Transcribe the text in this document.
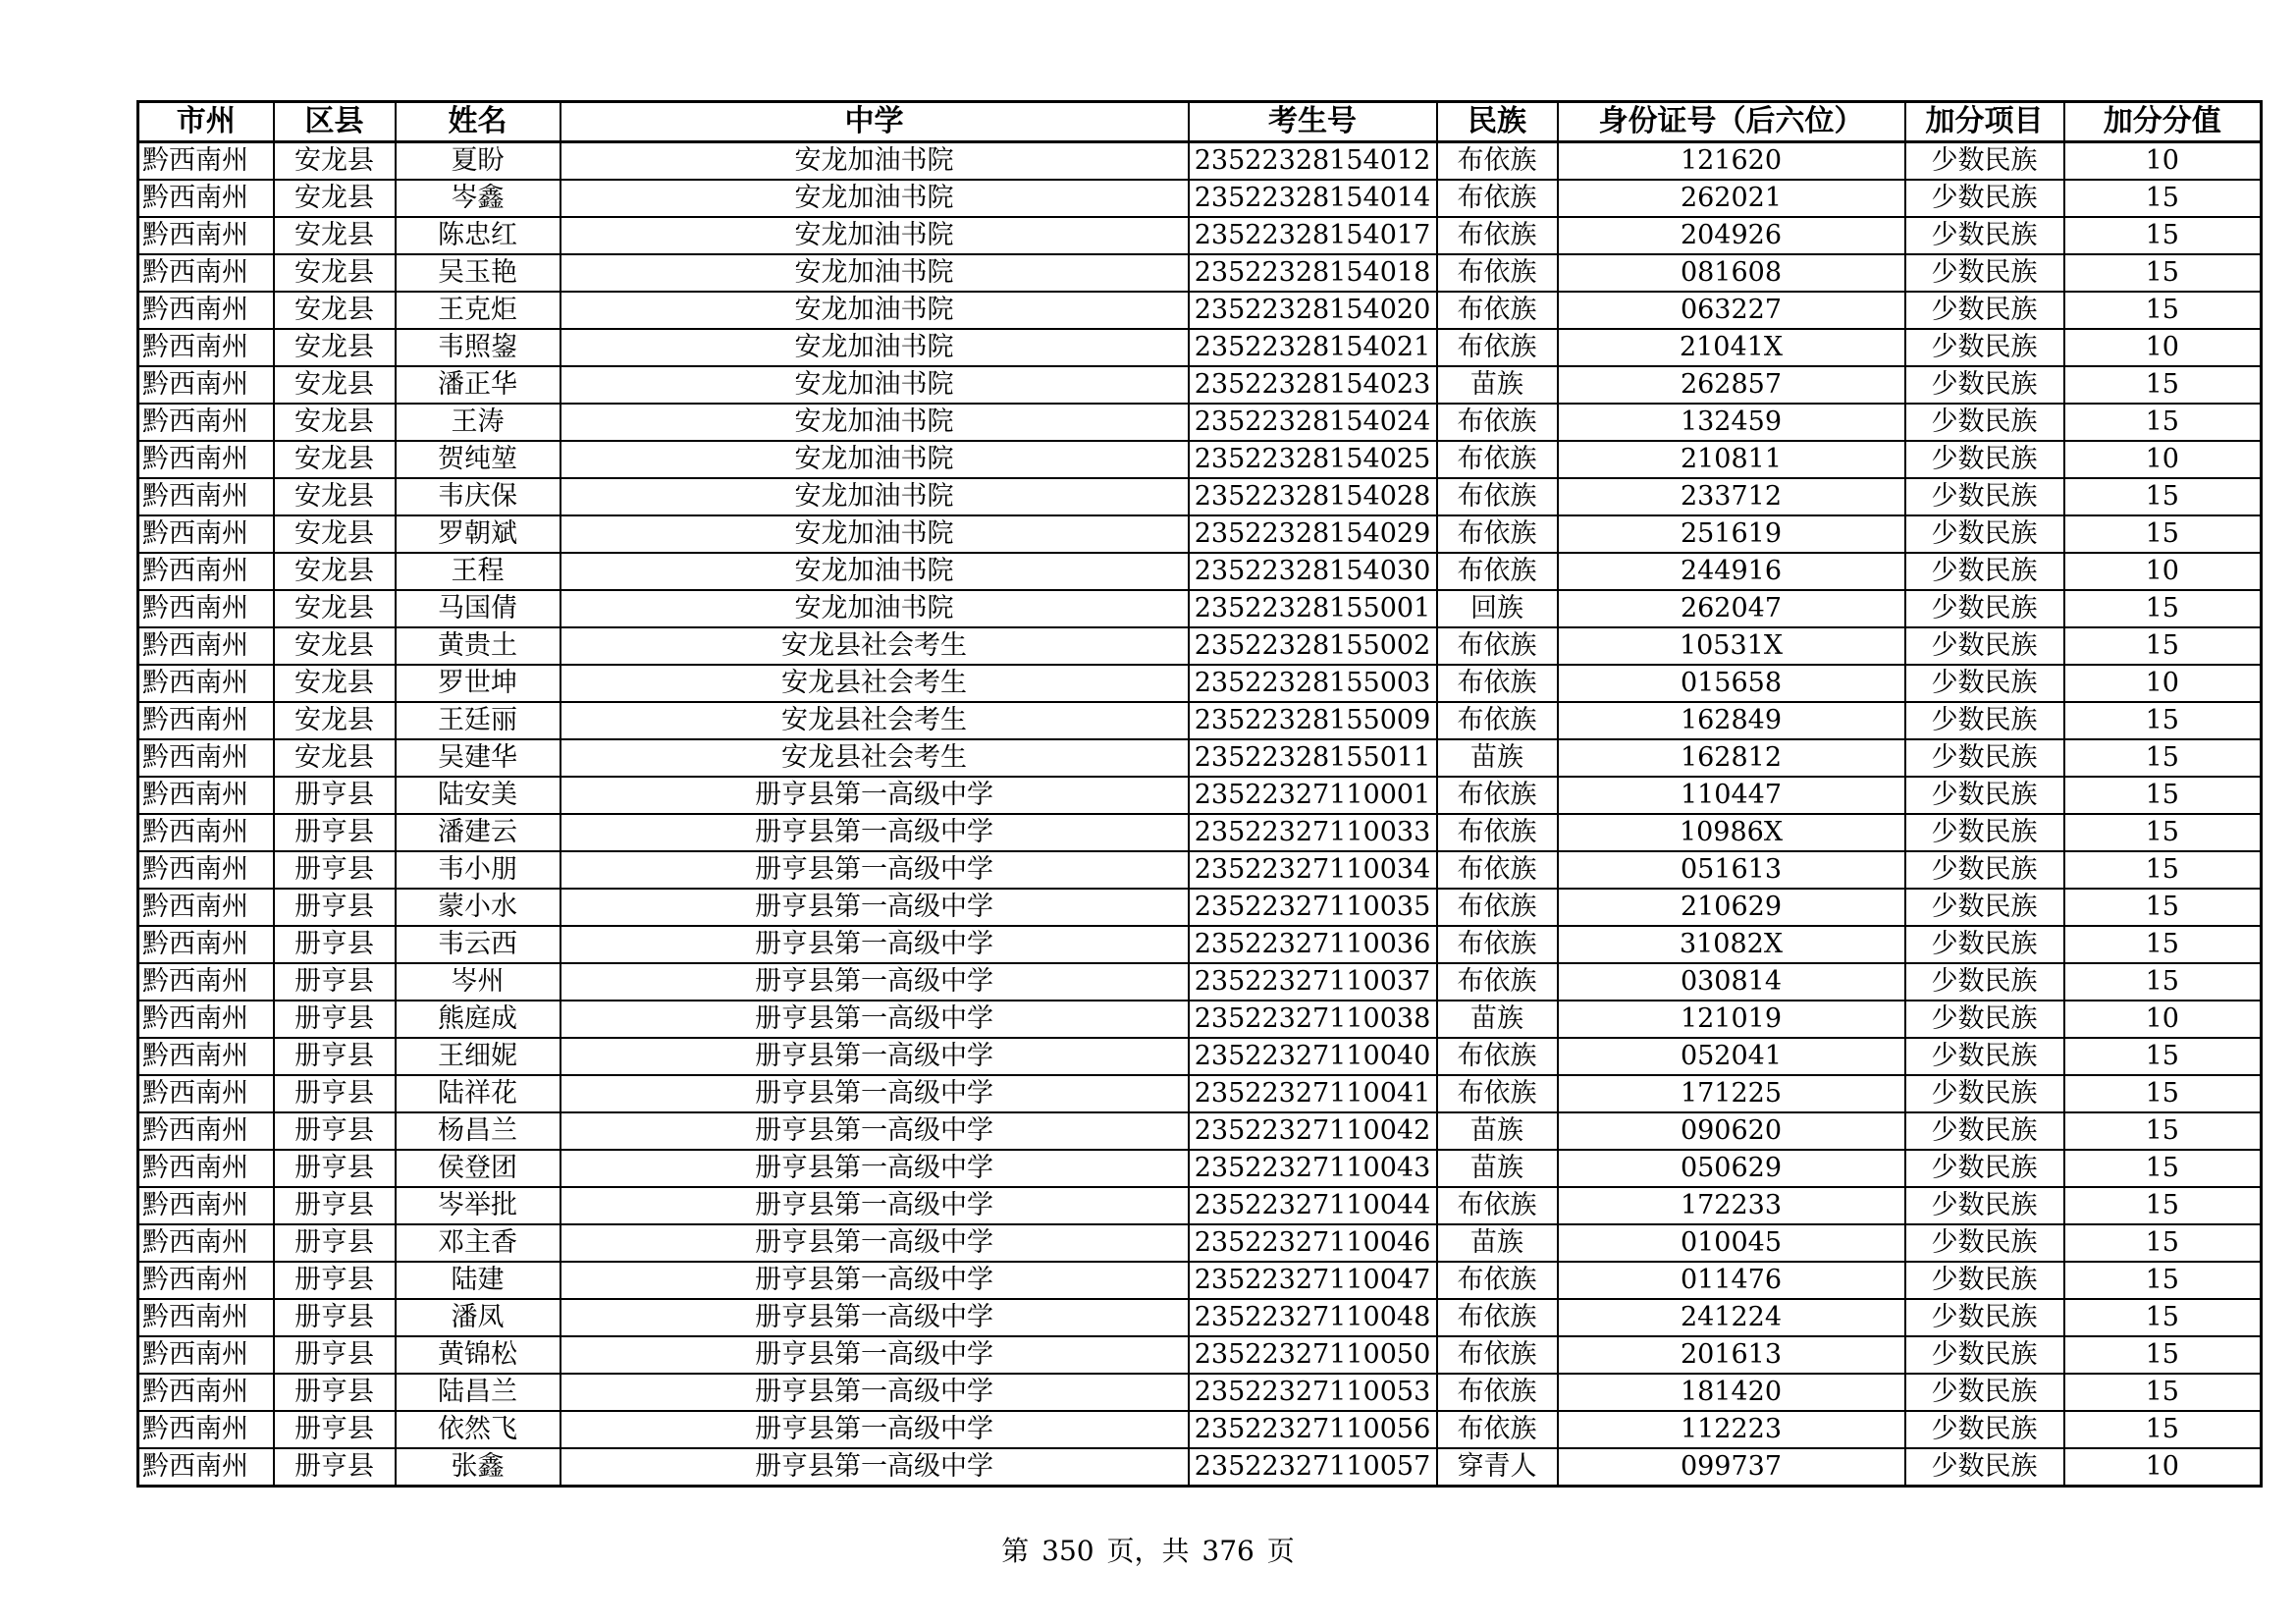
市州	区县	姓名	中学	考生号	民族	身份证号（后六位）	加分项目	加分分值
黔西南州	安龙县	夏盼	安龙加油书院	23522328154012	布依族	121620	少数民族	10
黔西南州	安龙县	岑鑫	安龙加油书院	23522328154014	布依族	262021	少数民族	15
黔西南州	安龙县	陈忠红	安龙加油书院	23522328154017	布依族	204926	少数民族	15
黔西南州	安龙县	吴玉艳	安龙加油书院	23522328154018	布依族	081608	少数民族	15
黔西南州	安龙县	王克炬	安龙加油书院	23522328154020	布依族	063227	少数民族	15
黔西南州	安龙县	韦照鋆	安龙加油书院	23522328154021	布依族	21041X	少数民族	10
黔西南州	安龙县	潘正华	安龙加油书院	23522328154023	苗族	262857	少数民族	15
黔西南州	安龙县	王涛	安龙加油书院	23522328154024	布依族	132459	少数民族	15
黔西南州	安龙县	贺纯堃	安龙加油书院	23522328154025	布依族	210811	少数民族	10
黔西南州	安龙县	韦庆保	安龙加油书院	23522328154028	布依族	233712	少数民族	15
黔西南州	安龙县	罗朝斌	安龙加油书院	23522328154029	布依族	251619	少数民族	15
黔西南州	安龙县	王程	安龙加油书院	23522328154030	布依族	244916	少数民族	10
黔西南州	安龙县	马国倩	安龙加油书院	23522328155001	回族	262047	少数民族	15
黔西南州	安龙县	黄贵土	安龙县社会考生	23522328155002	布依族	10531X	少数民族	15
黔西南州	安龙县	罗世坤	安龙县社会考生	23522328155003	布依族	015658	少数民族	10
黔西南州	安龙县	王廷丽	安龙县社会考生	23522328155009	布依族	162849	少数民族	15
黔西南州	安龙县	吴建华	安龙县社会考生	23522328155011	苗族	162812	少数民族	15
黔西南州	册亨县	陆安美	册亨县第一高级中学	23522327110001	布依族	110447	少数民族	15
黔西南州	册亨县	潘建云	册亨县第一高级中学	23522327110033	布依族	10986X	少数民族	15
黔西南州	册亨县	韦小朋	册亨县第一高级中学	23522327110034	布依族	051613	少数民族	15
黔西南州	册亨县	蒙小水	册亨县第一高级中学	23522327110035	布依族	210629	少数民族	15
黔西南州	册亨县	韦云西	册亨县第一高级中学	23522327110036	布依族	31082X	少数民族	15
黔西南州	册亨县	岑州	册亨县第一高级中学	23522327110037	布依族	030814	少数民族	15
黔西南州	册亨县	熊庭成	册亨县第一高级中学	23522327110038	苗族	121019	少数民族	10
黔西南州	册亨县	王细妮	册亨县第一高级中学	23522327110040	布依族	052041	少数民族	15
黔西南州	册亨县	陆祥花	册亨县第一高级中学	23522327110041	布依族	171225	少数民族	15
黔西南州	册亨县	杨昌兰	册亨县第一高级中学	23522327110042	苗族	090620	少数民族	15
黔西南州	册亨县	侯登团	册亨县第一高级中学	23522327110043	苗族	050629	少数民族	15
黔西南州	册亨县	岑举批	册亨县第一高级中学	23522327110044	布依族	172233	少数民族	15
黔西南州	册亨县	邓主香	册亨县第一高级中学	23522327110046	苗族	010045	少数民族	15
黔西南州	册亨县	陆建	册亨县第一高级中学	23522327110047	布依族	011476	少数民族	15
黔西南州	册亨县	潘凤	册亨县第一高级中学	23522327110048	布依族	241224	少数民族	15
黔西南州	册亨县	黄锦松	册亨县第一高级中学	23522327110050	布依族	201613	少数民族	15
黔西南州	册亨县	陆昌兰	册亨县第一高级中学	23522327110053	布依族	181420	少数民族	15
黔西南州	册亨县	依然飞	册亨县第一高级中学	23522327110056	布依族	112223	少数民族	15
黔西南州	册亨县	张鑫	册亨县第一高级中学	23522327110057	穿青人	099737	少数民族	10
第 350 页，共 376 页
